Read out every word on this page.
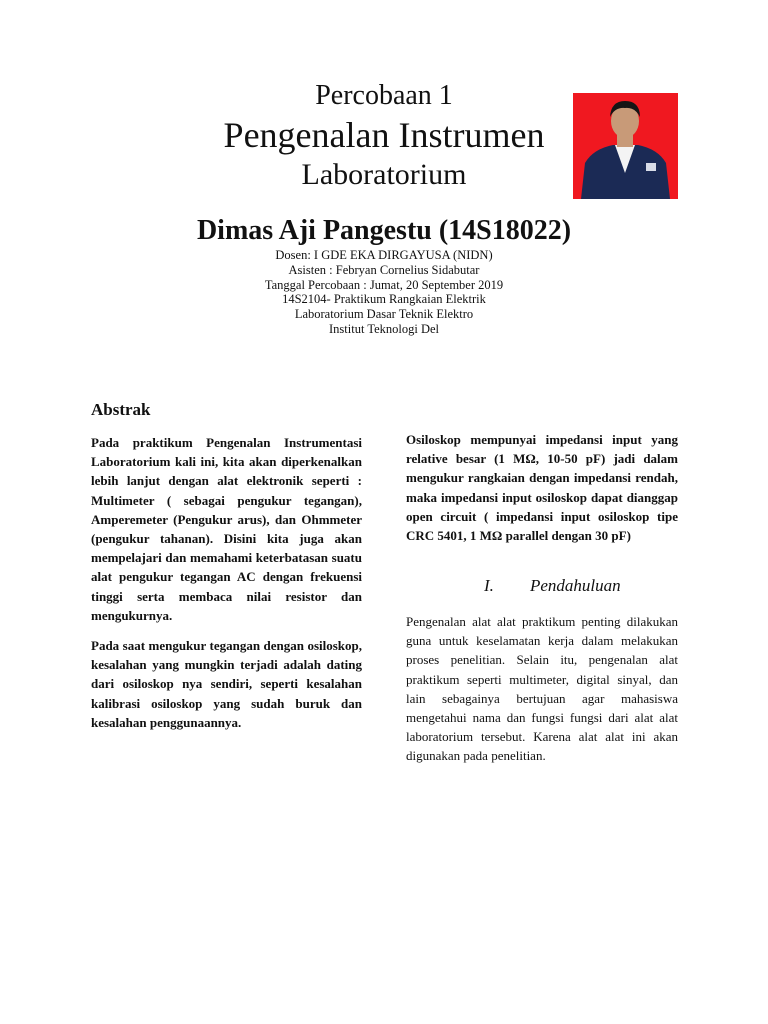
Percobaan 1
Pengenalan Instrumen
Laboratorium
Dimas Aji Pangestu (14S18022)
Dosen: I GDE EKA DIRGAYUSA (NIDN)
Asisten : Febryan Cornelius Sidabutar
Tanggal Percobaan : Jumat, 20 September 2019
14S2104- Praktikum Rangkaian Elektrik
Laboratorium Dasar Teknik Elektro
Institut Teknologi Del
Abstrak

Pada praktikum Pengenalan Instrumentasi Laboratorium kali ini, kita akan diperkenalkan lebih lanjut dengan alat elektronik seperti : Multimeter ( sebagai pengukur tegangan), Amperemeter (Pengukur arus), dan Ohmmeter (pengukur tahanan). Disini kita juga akan mempelajari dan memahami keterbatasan suatu alat pengukur tegangan AC dengan frekuensi tinggi serta membaca nilai resistor dan mengukurnya.

Pada saat mengukur tegangan dengan osiloskop, kesalahan yang mungkin terjadi adalah dating dari osiloskop nya sendiri, seperti kesalahan kalibrasi osiloskop yang sudah buruk dan kesalahan penggunaannya.

Osiloskop mempunyai impedansi input yang relative besar (1 MΩ, 10-50 pF) jadi dalam mengukur rangkaian dengan impedansi rendah, maka impedansi input osiloskop dapat dianggap open circuit ( impedansi input osiloskop tipe CRC 5401, 1 MΩ parallel dengan 30 pF)

I. Pendahuluan

Pengenalan alat alat praktikum penting dilakukan guna untuk keselamatan kerja dalam melakukan proses penelitian. Selain itu, pengenalan alat praktikum seperti multimeter, digital sinyal, dan lain sebagainya bertujuan agar mahasiswa mengetahui nama dan fungsi fungsi dari alat alat laboratorium tersebut. Karena alat alat ini akan digunakan pada penelitian.
